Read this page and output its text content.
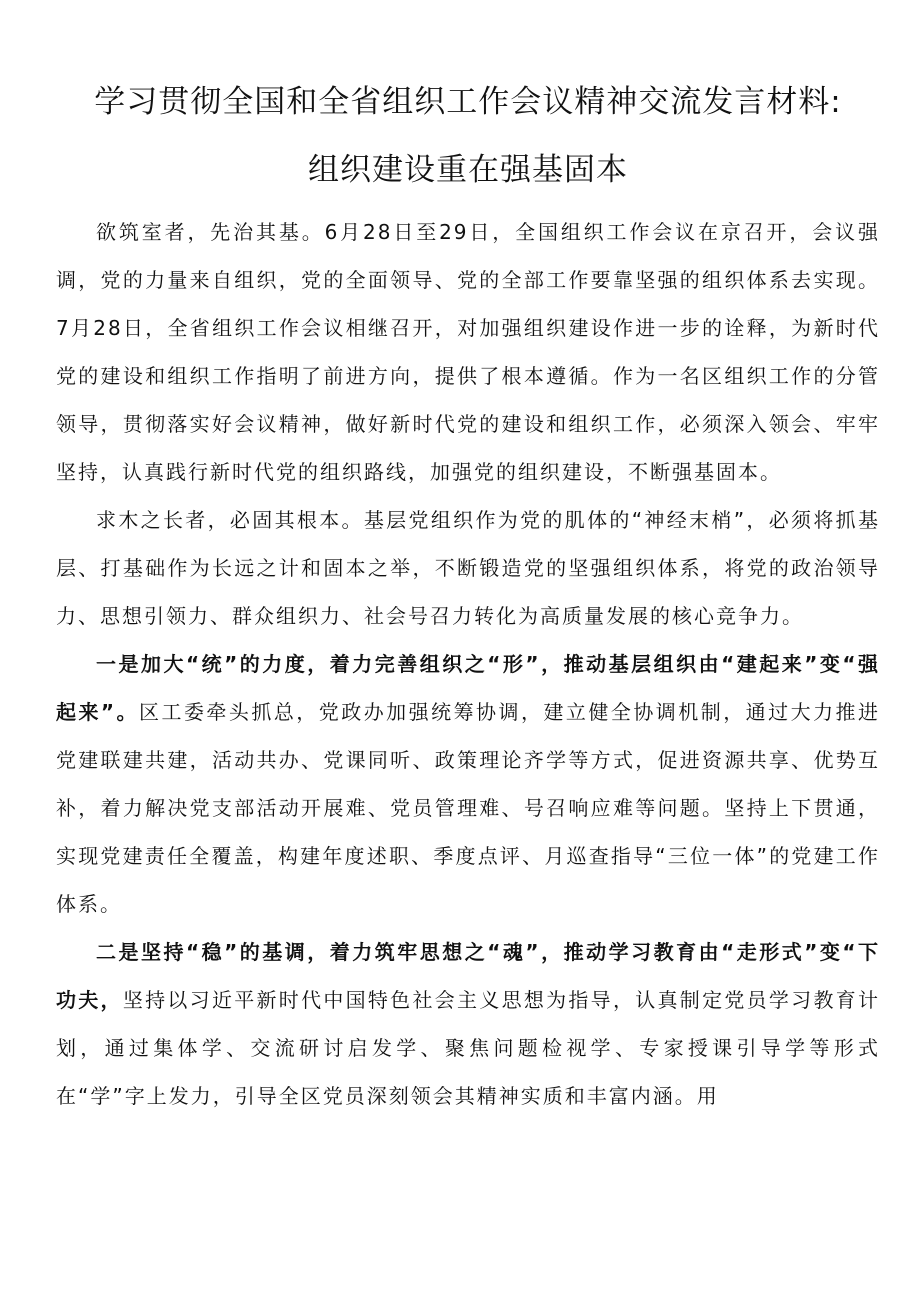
学习贯彻全国和全省组织工作会议精神交流发言材料:
组织建设重在强基固本

欲筑室者，先治其基。6月28日至29日，全国组织工作会议在京召开，会议强调，党的力量来自组织，党的全面领导、党的全部工作要靠坚强的组织体系去实现。7月28日，全省组织工作会议相继召开，对加强组织建设作进一步的诠释，为新时代党的建设和组织工作指明了前进方向，提供了根本遵循。作为一名区组织工作的分管领导，贯彻落实好会议精神，做好新时代党的建设和组织工作，必须深入领会、牢牢坚持，认真践行新时代党的组织路线，加强党的组织建设，不断强基固本。

求木之长者，必固其根本。基层党组织作为党的肌体的“神经末梢”，必须将抓基层、打基础作为长远之计和固本之举，不断锻造党的坚强组织体系，将党的政治领导力、思想引领力、群众组织力、社会号召力转化为高质量发展的核心竞争力。

一是加大“统”的力度，着力完善组织之“形”，推动基层组织由“建起来”变“强起来”。区工委牵头抓总，党政办加强统筹协调，建立健全协调机制，通过大力推进党建联建共建，活动共办、党课同听、政策理论齐学等方式，促进资源共享、优势互补，着力解决党支部活动开展难、党员管理难、号召响应难等问题。坚持上下贯通，实现党建责任全覆盖，构建年度述职、季度点评、月巡查指导“三位一体”的党建工作体系。

二是坚持“稳”的基调，着力筑牢思想之“魂”，推动学习教育由“走形式”变“下功夫，坚持以习近平新时代中国特色社会主义思想为指导，认真制定党员学习教育计划，通过集体学、交流研讨启发学、聚焦问题检视学、专家授课引导学等形式在“学”字上发力，引导全区党员深刻领会其精神实质和丰富内涵。用
